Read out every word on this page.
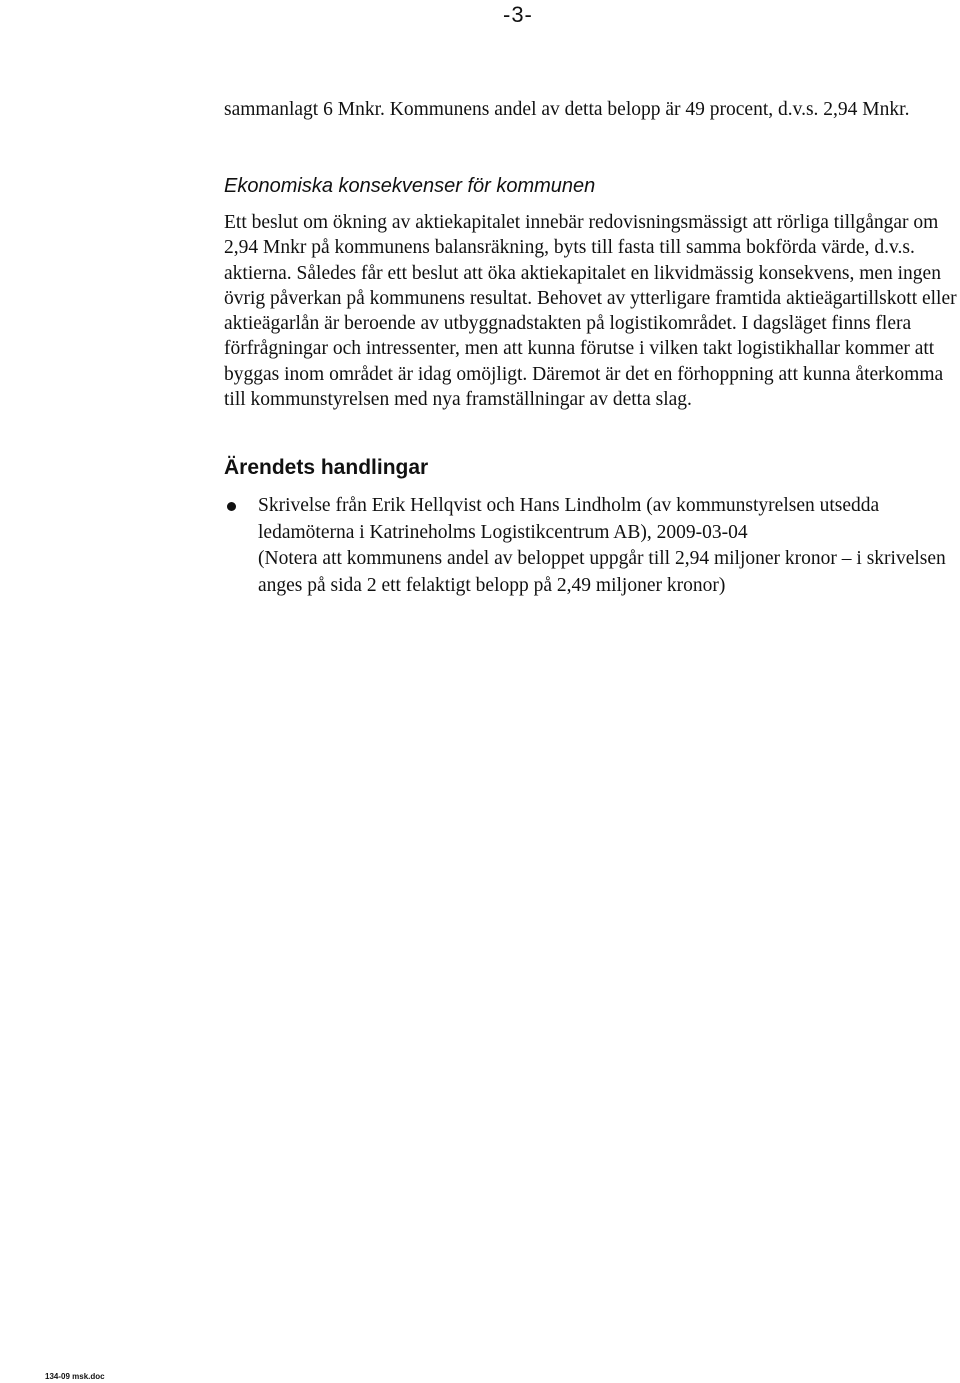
-3-

sammanlagt 6 Mnkr. Kommunens andel av detta belopp är 49 procent, d.v.s. 2,94 Mnkr.

Ekonomiska konsekvenser för kommunen

Ett beslut om ökning av aktiekapitalet innebär redovisningsmässigt att rörliga tillgångar om 2,94 Mnkr på kommunens balansräkning, byts till fasta till samma bokförda värde, d.v.s. aktierna. Således får ett beslut att öka aktiekapitalet en likvidmässig konsekvens, men ingen övrig påverkan på kommunens resultat. Behovet av ytterligare framtida aktieägartillskott eller aktieägarlån är beroende av utbyggnadstakten på logistikområdet. I dagsläget finns flera förfrågningar och intressenter, men att kunna förutse i vilken takt logistikhallar kommer att byggas inom området är idag omöjligt. Däremot är det en förhoppning att kunna återkomma till kommunstyrelsen med nya framställningar av detta slag.

Ärendets handlingar
Skrivelse från Erik Hellqvist och Hans Lindholm (av kommunstyrelsen utsedda ledamöterna i Katrineholms Logistikcentrum AB), 2009-03-04
(Notera att kommunens andel av beloppet uppgår till 2,94 miljoner kronor – i skrivelsen anges på sida 2 ett felaktigt belopp på 2,49 miljoner kronor)
134-09 msk.doc
